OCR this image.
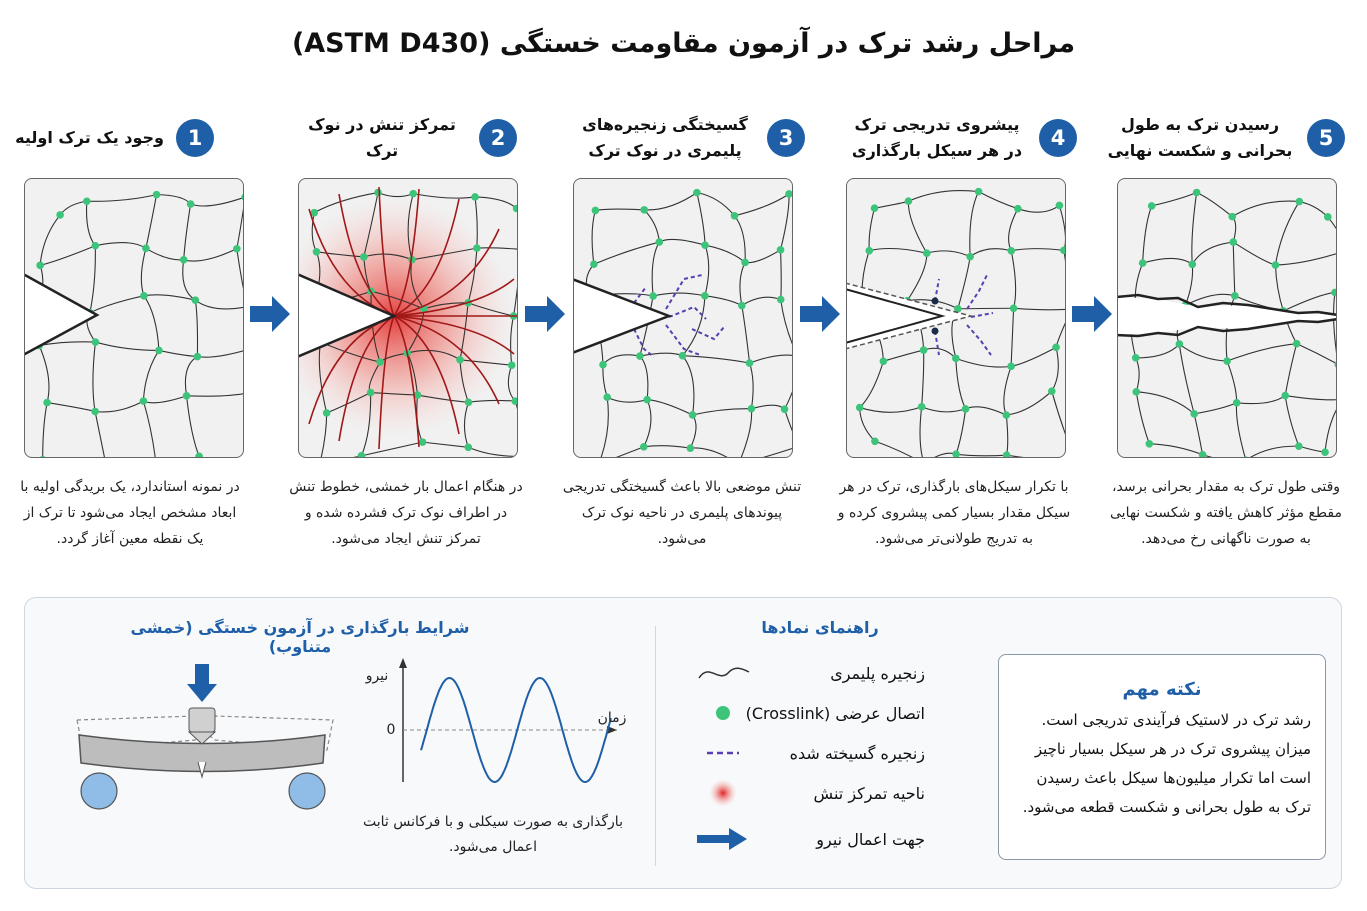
مراحل رشد ترک در آزمون مقاومت خستگی (ASTM D430)
1
وجود یک ترک اولیه	2
تمرکز تنش در نوک ترک
3
گسیختگی زنجیره‌های پلیمری در نوک ترک
4
پیشروی تدریجی ترک در هر سیکل بارگذاری
5
رسیدن ترک به طول بحرانی و شکست نهایی
در نمونه استاندارد، یک بریدگی اولیه با ابعاد مشخص ایجاد می‌شود تا ترک از یک نقطه معین آغاز گردد.
در هنگام اعمال بار خمشی، خطوط تنش در اطراف نوک ترک فشرده شده و تمرکز تنش ایجاد می‌شود.
تنش موضعی بالا باعث گسیختگی تدریجی پیوندهای پلیمری در ناحیه نوک ترک می‌شود.
با تکرار سیکل‌های بارگذاری، ترک در هر سیکل مقدار بسیار کمی پیشروی کرده و به تدریج طولانی‌تر می‌شود.
وقتی طول ترک به مقدار بحرانی برسد، مقطع مؤثر کاهش یافته و شکست نهایی به صورت ناگهانی رخ می‌دهد.
شرایط بارگذاری در آزمون خستگی (خمشی متناوب)
نیرو
زمان
0
بارگذاری به صورت سیکلی و با فرکانس ثابت اعمال می‌شود.
راهنمای نمادها
زنجیره پلیمری
اتصال عرضی (Crosslink)
زنجیره گسیخته شده
ناحیه تمرکز تنش
جهت اعمال نیرو
نکته مهم
رشد ترک در لاستیک فرآیندی تدریجی است. میزان پیشروی ترک در هر سیکل بسیار ناچیز است اما تکرار میلیون‌ها سیکل باعث رسیدن ترک به طول بحرانی و شکست قطعه می‌شود.
